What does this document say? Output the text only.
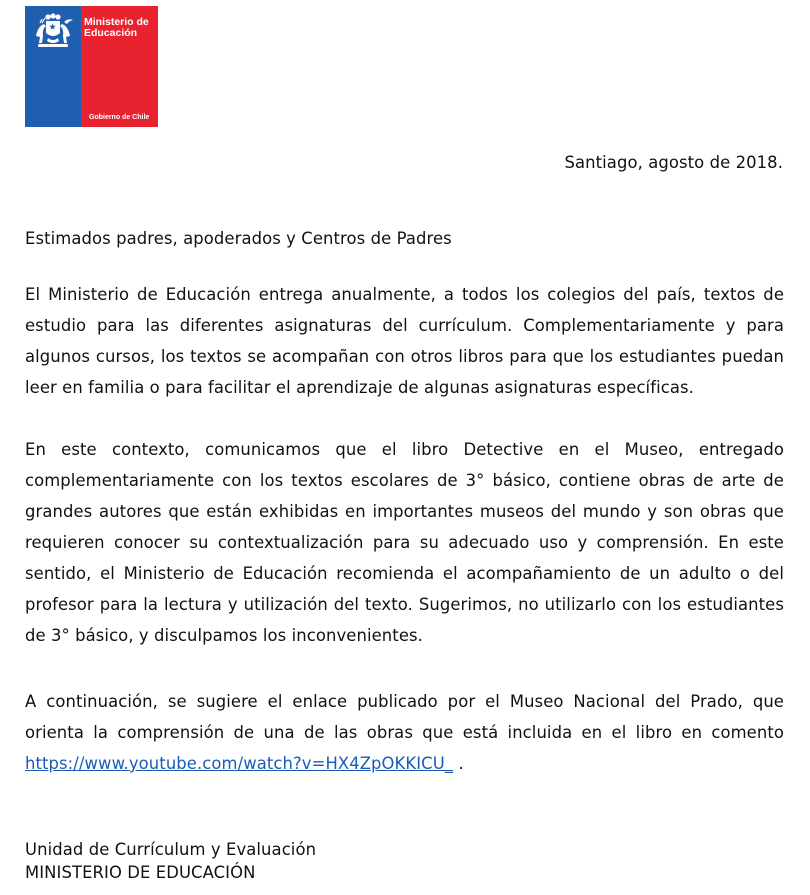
Ministerio de
Educación
Gobierno de Chile
Santiago, agosto de 2018.
Estimados padres, apoderados y Centros de Padres

El Ministerio de Educación entrega anualmente, a todos los colegios del país, textos de estudio para las diferentes asignaturas del currículum. Complementariamente y para algunos cursos, los textos se acompañan con otros libros para que los estudiantes puedan leer en familia o para facilitar el aprendizaje de algunas asignaturas específicas.

En este contexto, comunicamos que el libro Detective en el Museo, entregado complementariamente con los textos escolares de 3° básico, contiene obras de arte de grandes autores que están exhibidas en importantes museos del mundo y son obras que requieren conocer su contextualización para su adecuado uso y comprensión. En este sentido, el Ministerio de Educación recomienda el acompañamiento de un adulto o del profesor para la lectura y utilización del texto. Sugerimos, no utilizarlo con los estudiantes de 3° básico, y disculpamos los inconvenientes.

A continuación, se sugiere el enlace publicado por el Museo Nacional del Prado, que orienta la comprensión de una de las obras que está incluida en el libro en comento https://www.youtube.com/watch?v=HX4ZpOKKICU_ .

Unidad de Currículum y Evaluación
MINISTERIO DE EDUCACIÓN
